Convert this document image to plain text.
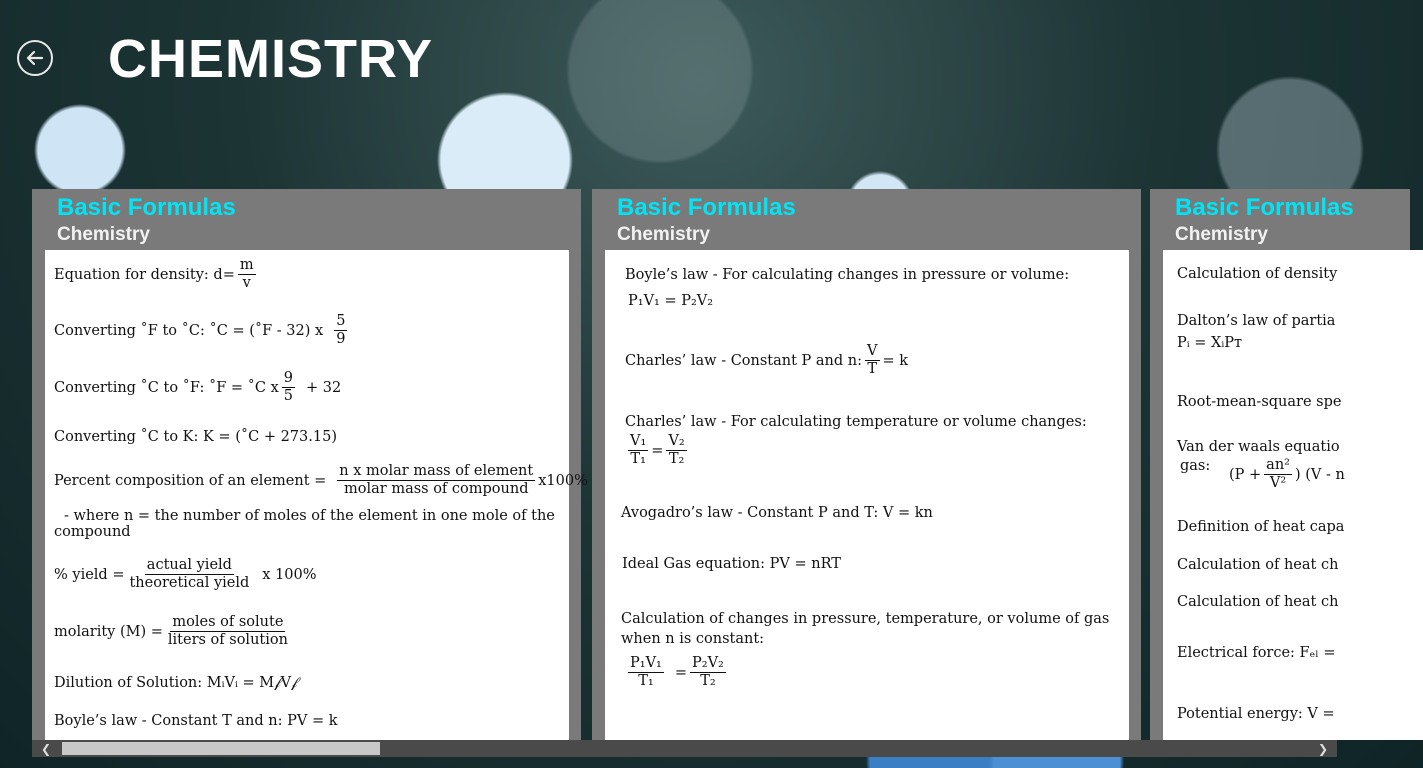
CHEMISTRY
Basic Formulas
Chemistry
Equation for density: $d= \frac{m}{v}$
Converting ˚F to ˚C: ˚C = (˚F - 32) x
5
9
Converting ˚C to ˚F: ˚F = ˚C x
9
5
+ 32
Converting ˚C to K: K = (˚C + 273.15)
Percent composition of an element =
n x molar mass of element
molar mass of compound
x100%
- where n = the number of moles of the element in one mole of the
compound
% yield =
actual yield
theoretical yield
x 100%
molarity (M) =
moles of solute
liters of solution
Dilution of Solution: MᵢVᵢ = M𝒻V𝒻
Boyle’s law - Constant T and n: PV = k
Basic Formulas
Chemistry
Boyle’s law - For calculating changes in pressure or volume:
P₁V₁ = P₂V₂
Charles’ law - Constant P and n: $\frac{V}{T} = k$
Charles’ law - For calculating temperature or volume changes:
$\frac{\text{V₁}}{\text{T₁}} = \frac{\text{V₂}}{\text{T₂}}$
Avogadro’s law - Constant P and T: V = kn
Ideal Gas equation: PV = nRT
Calculation of changes in pressure, temperature, or volume of gas
when n is constant:
P₁V₁
T₁
= $\frac{\text{P₂V₂}}{\text{T₂}}$
Basic Formulas
Chemistry
Calculation of density
Dalton’s law of partia
Pᵢ = XᵢPᴛ
Root-mean-square spe
Van der waals equatio
gas:
($P + \frac{\text{an²}}{\text{V²}}$ ) (V - n
Definition of heat capa
Calculation of heat ch
Calculation of heat ch
Electrical force: Fₑₗ =
Potential energy: V =
❮	❯
